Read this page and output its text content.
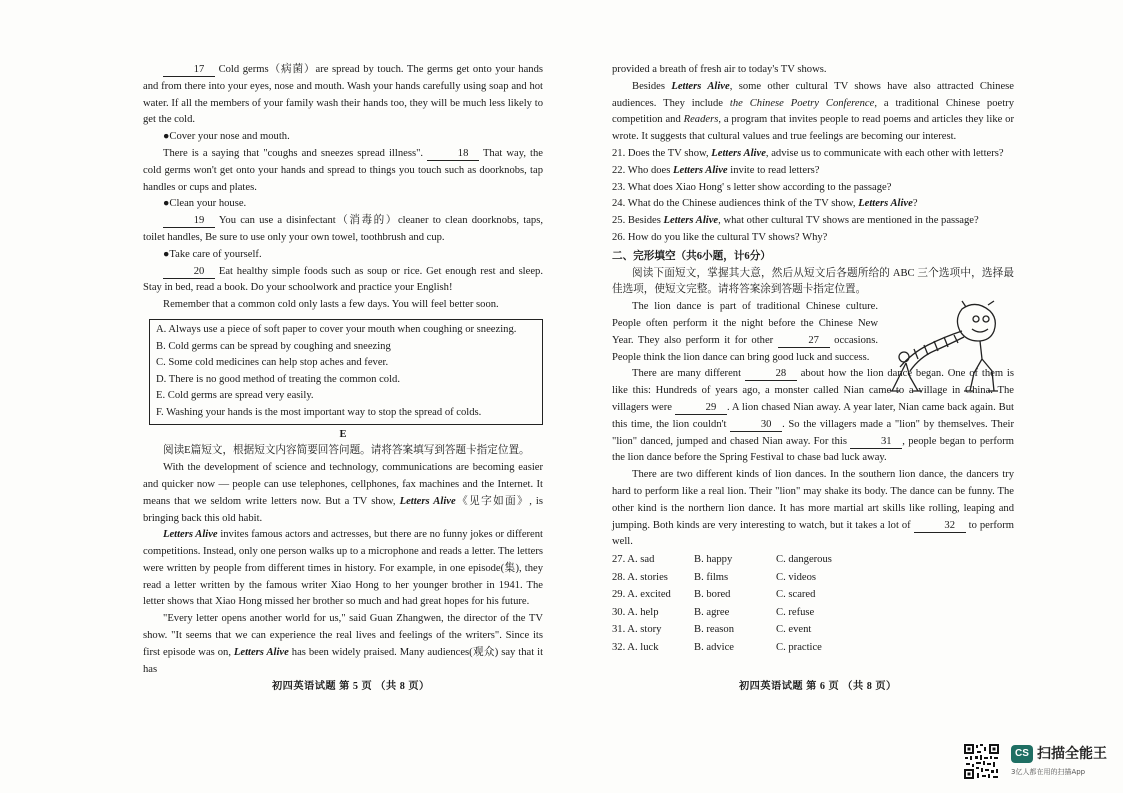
17 Cold germs（病菌）are spread by touch. The germs get onto your hands and from there into your eyes, nose and mouth. Wash your hands carefully using soap and hot water. If all the members of your family wash their hands too, they will be much less likely to get the cold.

●Cover your nose and mouth.

There is a saying that "coughs and sneezes spread illness".	18 That way, the cold germs won't get onto your hands and spread to things you touch such as doorknobs, tap handles or cups and plates.

●Clean your house.

19 You can use a disinfectant（消毒的）cleaner to clean doorknobs, taps, toilet handles, Be sure to use only your own towel, toothbrush and cup.

●Take care of yourself.

20 Eat healthy simple foods such as soup or rice. Get enough rest and sleep. Stay in bed, read a book. Do your schoolwork and practice your English!

Remember that a common cold only lasts a few days. You will feel better soon.

A. Always use a piece of soft paper to cover your mouth when coughing or sneezing.
B. Cold germs can be spread by coughing and sneezing
C. Some cold medicines can help stop aches and fever.
D. There is no good method of treating the common cold.
E. Cold germs are spread very easily.
F. Washing your hands is the most important way to stop the spread of colds.

E

阅读E篇短文，根据短文内容简要回答问题。请将答案填写到答题卡指定位置。

With the development of science and technology, communications are becoming easier and quicker now — people can use telephones, cellphones, fax machines and the Internet. It means that we seldom write letters now. But a TV show, Letters Alive《见字如面》, is bringing back this old habit.

Letters Alive invites famous actors and actresses, but there are no funny jokes or different competitions. Instead, only one person walks up to a microphone and reads a letter. The letters were written by people from different times in history. For example, in one episode(集), they read a letter written by the famous writer Xiao Hong to her younger brother in 1941. The letter shows that Xiao Hong missed her brother so much and had great hopes for his future.

"Every letter opens another world for us," said Guan Zhangwen, the director of the TV show. "It seems that we can experience the real lives and feelings of the writers". Since its first episode was on, Letters Alive has been widely praised. Many audiences(观众) say that it has

provided a breath of fresh air to today's TV shows.

Besides Letters Alive, some other cultural TV shows have also attracted Chinese audiences. They include the Chinese Poetry Conference, a traditional Chinese poetry competition and Readers, a program that invites people to read poems and articles they like or wrote. It suggests that cultural values and true feelings are becoming our interest.

21. Does the TV show, Letters Alive, advise us to communicate with each other with letters?
22. Who does Letters Alive invite to read letters?
23. What does Xiao Hong' s letter show according to the passage?
24. What do the Chinese audiences think of the TV show, Letters Alive?
25. Besides Letters Alive, what other cultural TV shows are mentioned in the passage?
26. How do you like the cultural TV shows? Why?

二、完形填空（共6小题，计6分）

阅读下面短文，掌握其大意，然后从短文后各题所给的 ABC 三个选项中，选择最佳选项，使短文完整。请将答案涂到答题卡指定位置。

The lion dance is part of traditional Chinese culture. People often perform it the night before the Chinese New Year. They also perform it for other	27 occasions. People think the lion dance can bring good luck and success.

There are many different	28 about how the lion dance began. One of them is like this: Hundreds of years ago, a monster called Nian came to a village in China. The villagers were	29 . A lion chased Nian away. A year later, Nian came back again. But this time, the lion couldn't	30 . So the villagers made a "lion" by themselves. Their "lion" danced, jumped and chased Nian away. For this	31 , people began to perform the lion dance before the Spring Festival to chase bad luck away.

There are two different kinds of lion dances. In the southern lion dance, the dancers try hard to perform like a real lion. Their "lion" may shake its body. The dance can be funny. The other kind is the northern lion dance. It has more martial art skills like rolling, leaping and jumping. Both kinds are very interesting to watch, but it takes a lot of	32 to perform well.

27. A. sad	B. happy	C. dangerous
28. A. stories	B. films	C. videos
29. A. excited	B. bored	C. scared
30. A. help	B. agree	C. refuse
31. A. story	B. reason	C. event
32. A. luck	B. advice	C. practice
初四英语试题 第 5 页 （共 8 页）	初四英语试题 第 6 页 （共 8 页）
CS 扫描全能王
3亿人都在用的扫描App
